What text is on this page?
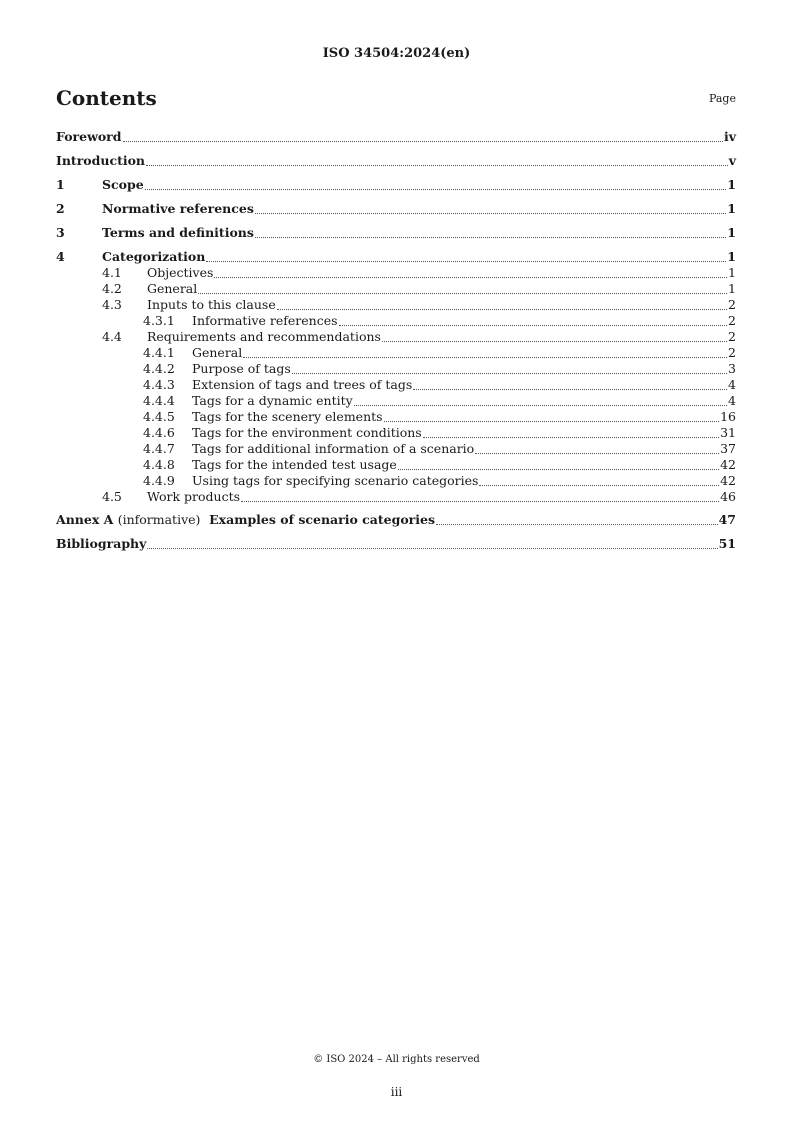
ISO 34504:2024(en)
Contents	Page
Foreword	iv
Introduction	v
1	Scope	1
2	Normative references	1
3	Terms and definitions	1
4	Categorization	1
4.1	Objectives	1
4.2	General	1
4.3	Inputs to this clause	2
4.3.1	Informative references	2
4.4	Requirements and recommendations	2
4.4.1	General	2
4.4.2	Purpose of tags	3
4.4.3	Extension of tags and trees of tags	4
4.4.4	Tags for a dynamic entity	4
4.4.5	Tags for the scenery elements	16
4.4.6	Tags for the environment conditions	31
4.4.7	Tags for additional information of a scenario	37
4.4.8	Tags for the intended test usage	42
4.4.9	Using tags for specifying scenario categories	42
4.5	Work products	46
Annex A (informative) Examples of scenario categories	47
Bibliography	51
© ISO 2024 – All rights reserved
iii
